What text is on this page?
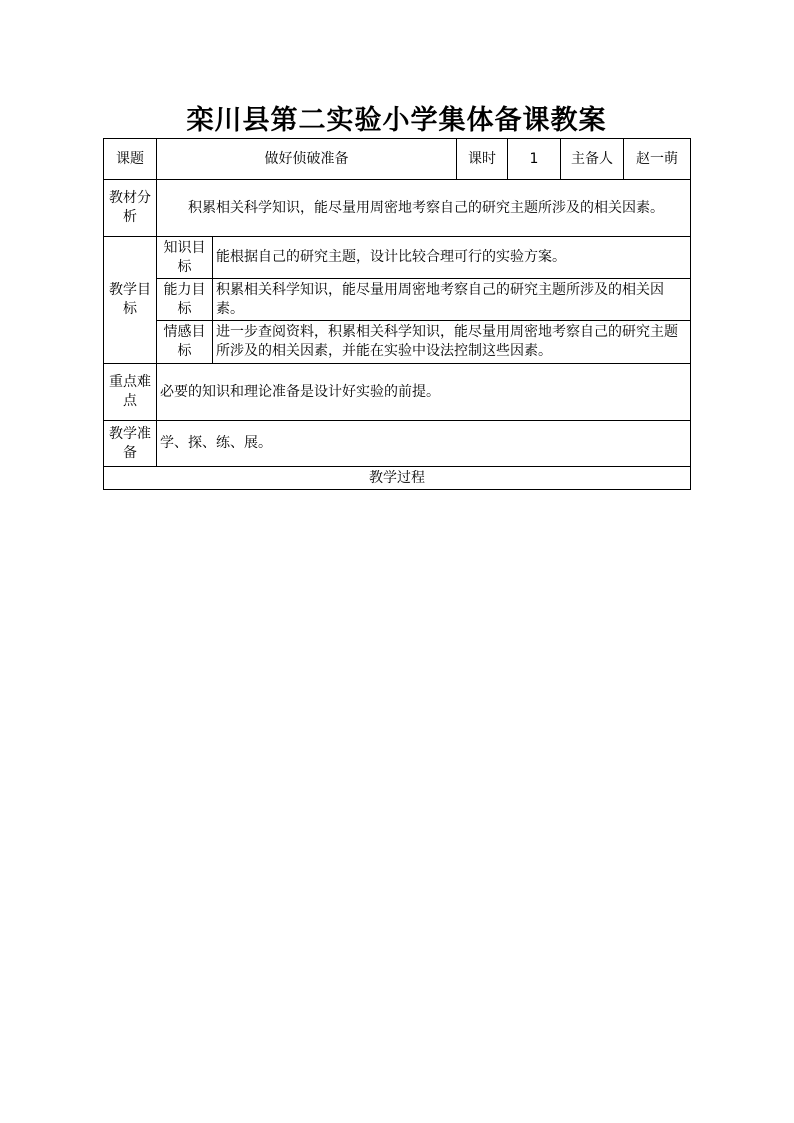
栾川县第二实验小学集体备课教案
课题	做好侦破准备		课时	1	主备人	赵一萌
教材分析	积累相关科学知识，能尽量用周密地考察自己的研究主题所涉及的相关因素。					
教学目标	知识目标	能根据自己的研究主题，设计比较合理可行的实验方案。				
	能力目标	积累相关科学知识，能尽量用周密地考察自己的研究主题所涉及的相关因素。				
	情感目标	进一步查阅资料，积累相关科学知识，能尽量用周密地考察自己的研究主题所涉及的相关因素，并能在实验中设法控制这些因素。				
重点难点	必要的知识和理论准备是设计好实验的前提。					
教学准备	学、探、练、展。					
教学过程						
